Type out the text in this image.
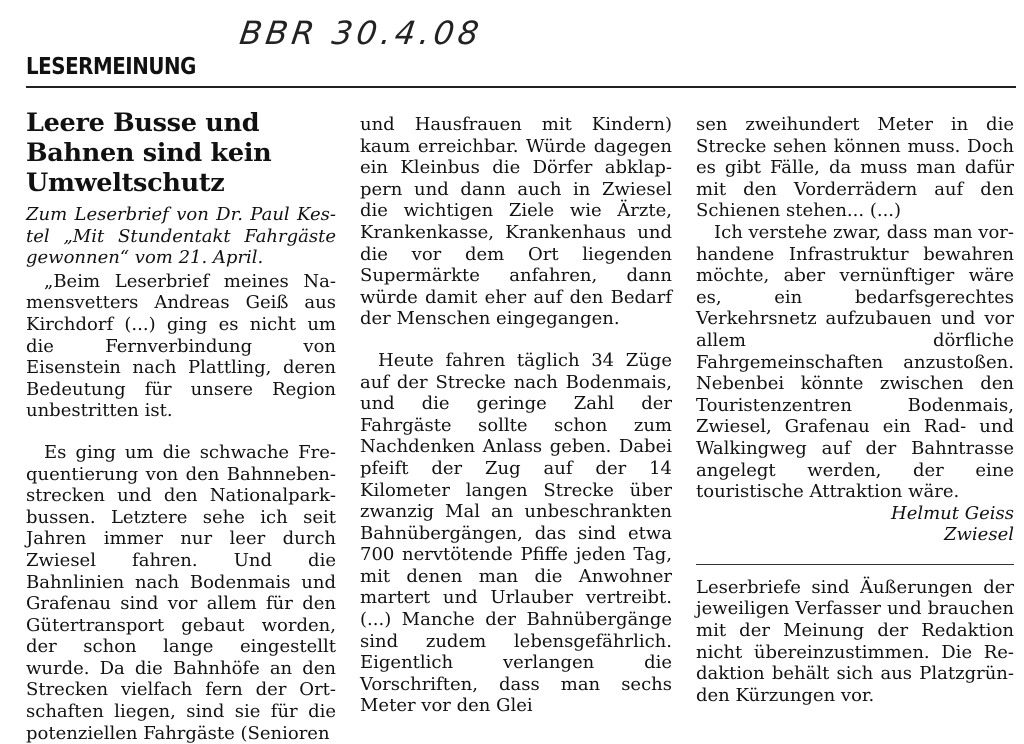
BBR 30.4.08
LESERMEINUNG
Leere Busse und Bahnen sind kein Umweltschutz

Zum Leserbrief von Dr. Paul Kestel „Mit Stundentakt Fahrgäste gewonnen“ vom 21. April.

„Beim Leserbrief meines Namensvetters Andreas Geiß aus Kirchdorf (...) ging es nicht um die Fernverbindung von Eisenstein nach Plattling, deren Bedeutung für unsere Region unbestritten ist.

Es ging um die schwache Frequentierung von den Bahnnebenstrecken und den Nationalparkbussen. Letztere sehe ich seit Jahren immer nur leer durch Zwiesel fahren. Und die Bahnlinien nach Bodenmais und Grafenau sind vor allem für den Gütertransport gebaut worden, der schon lange eingestellt wurde. Da die Bahnhöfe an den Strecken vielfach fern der Ortschaften liegen, sind sie für die potenziellen Fahrgäste (Senioren

und Hausfrauen mit Kindern) kaum erreichbar. Würde dagegen ein Kleinbus die Dörfer abklappern und dann auch in Zwiesel die wichtigen Ziele wie Ärzte, Krankenkasse, Krankenhaus und die vor dem Ort liegenden Supermärkte anfahren, dann würde damit eher auf den Bedarf der Menschen eingegangen.

Heute fahren täglich 34 Züge auf der Strecke nach Bodenmais, und die geringe Zahl der Fahrgäste sollte schon zum Nachdenken Anlass geben. Dabei pfeift der Zug auf der 14 Kilometer langen Strecke über zwanzig Mal an unbeschrankten Bahnübergängen, das sind etwa 700 nervtötende Pfiffe jeden Tag, mit denen man die Anwohner martert und Urlauber vertreibt. (...) Manche der Bahnübergänge sind zudem lebensgefährlich. Eigentlich verlangen die Vorschriften, dass man sechs Meter vor den Glei

sen zweihundert Meter in die Strecke sehen können muss. Doch es gibt Fälle, da muss man dafür mit den Vorderrädern auf den Schienen stehen... (...)

Ich verstehe zwar, dass man vorhandene Infrastruktur bewahren möchte, aber vernünftiger wäre es, ein bedarfsgerechtes Verkehrsnetz aufzubauen und vor allem dörfliche Fahrgemeinschaften anzustoßen. Nebenbei könnte zwischen den Touristenzentren Bodenmais, Zwiesel, Grafenau ein Rad- und Walkingweg auf der Bahntrasse angelegt werden, der eine touristische Attraktion wäre.

Helmut Geiss

Zwiesel

Leserbriefe sind Äußerungen der jeweiligen Verfasser und brauchen mit der Meinung der Redaktion nicht übereinzustimmen. Die Redaktion behält sich aus Platzgründen Kürzungen vor.
